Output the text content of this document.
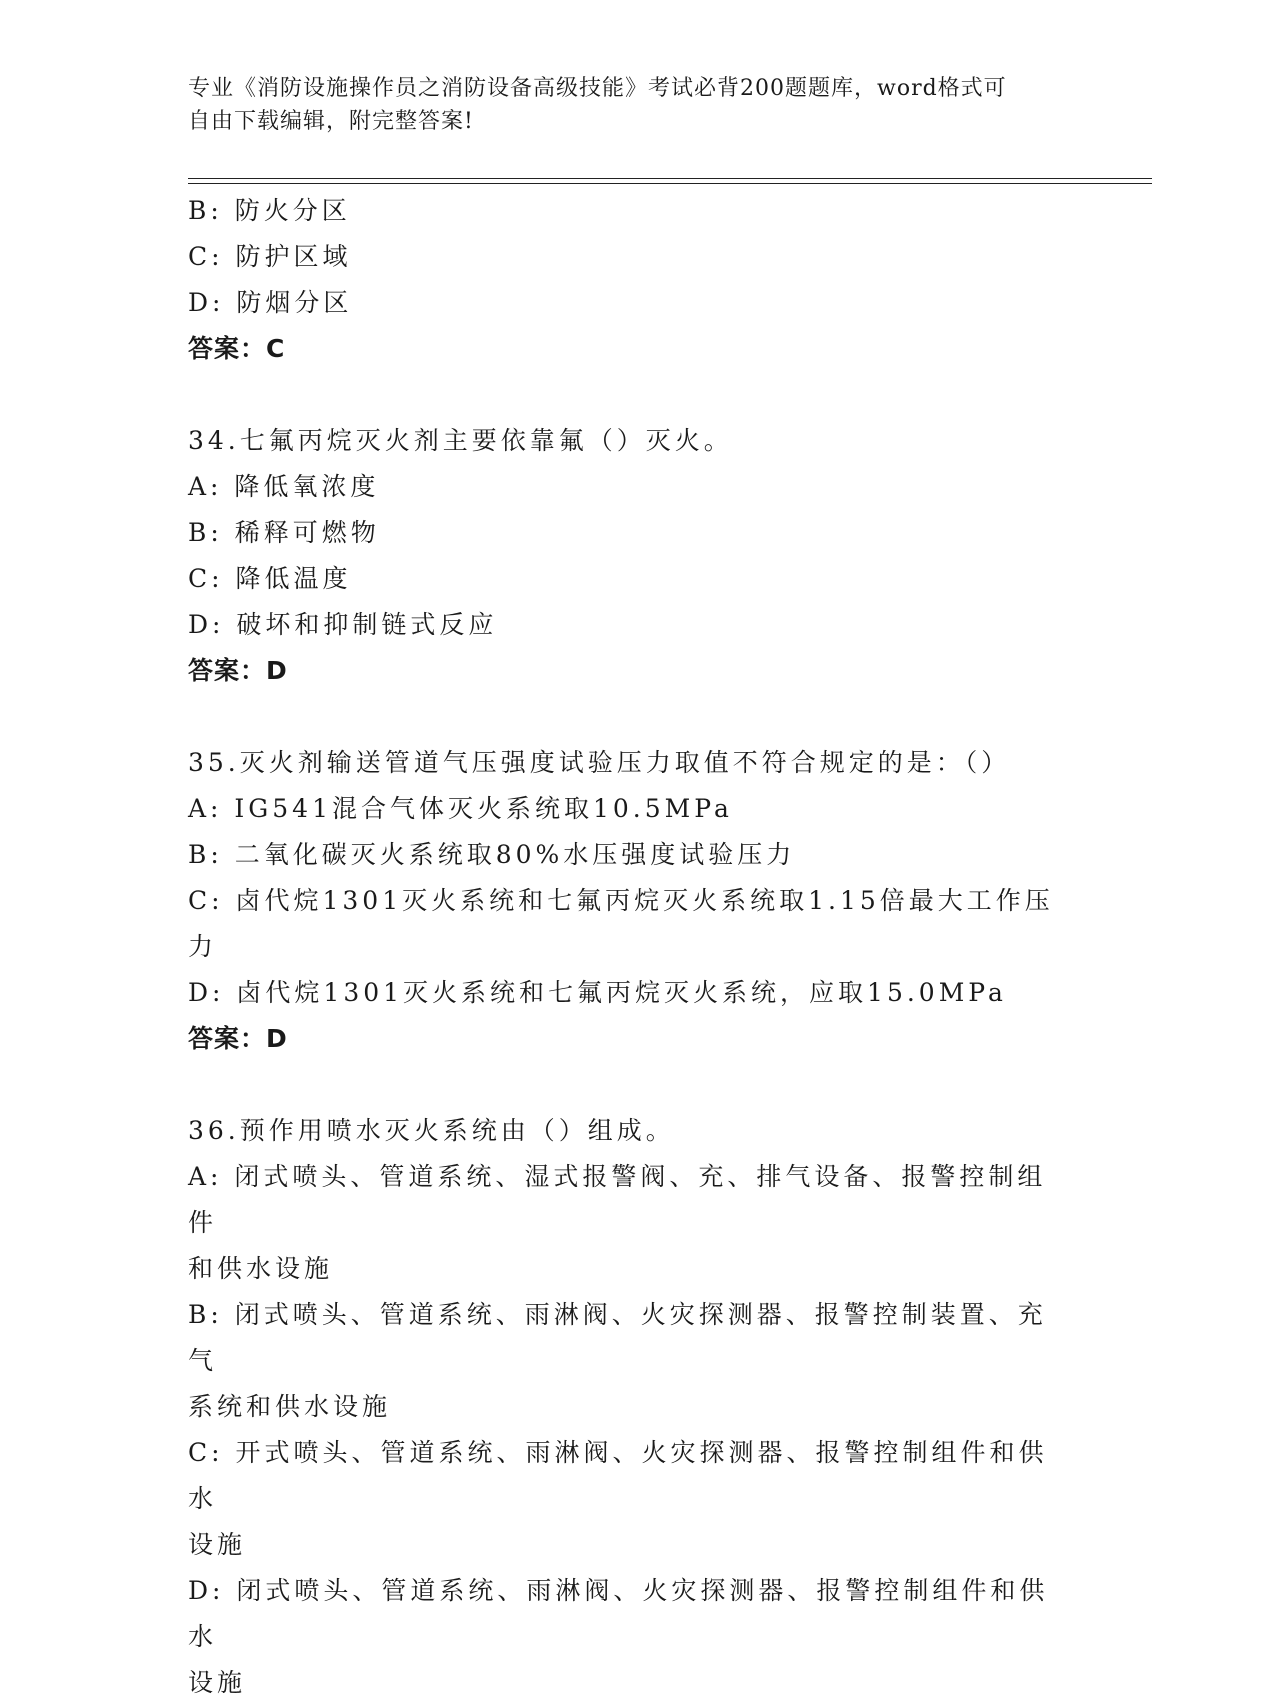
专业《消防设施操作员之消防设备高级技能》考试必背200题题库，word格式可
自由下载编辑，附完整答案!
B: 防火分区
C: 防护区域
D: 防烟分区
答案：C
34.七氟丙烷灭火剂主要依靠氟（）灭火。
A: 降低氧浓度
B: 稀释可燃物
C: 降低温度
D: 破坏和抑制链式反应
答案：D
35.灭火剂输送管道气压强度试验压力取值不符合规定的是：（）
A: IG541混合气体灭火系统取10.5MPa
B: 二氧化碳灭火系统取80%水压强度试验压力
C: 卤代烷1301灭火系统和七氟丙烷灭火系统取1.15倍最大工作压力
D: 卤代烷1301灭火系统和七氟丙烷灭火系统，应取15.0MPa
答案：D
36.预作用喷水灭火系统由（）组成。
A: 闭式喷头、管道系统、湿式报警阀、充、排气设备、报警控制组件
和供水设施
B: 闭式喷头、管道系统、雨淋阀、火灾探测器、报警控制装置、充气
系统和供水设施
C: 开式喷头、管道系统、雨淋阀、火灾探测器、报警控制组件和供水
设施
D: 闭式喷头、管道系统、雨淋阀、火灾探测器、报警控制组件和供水
设施
